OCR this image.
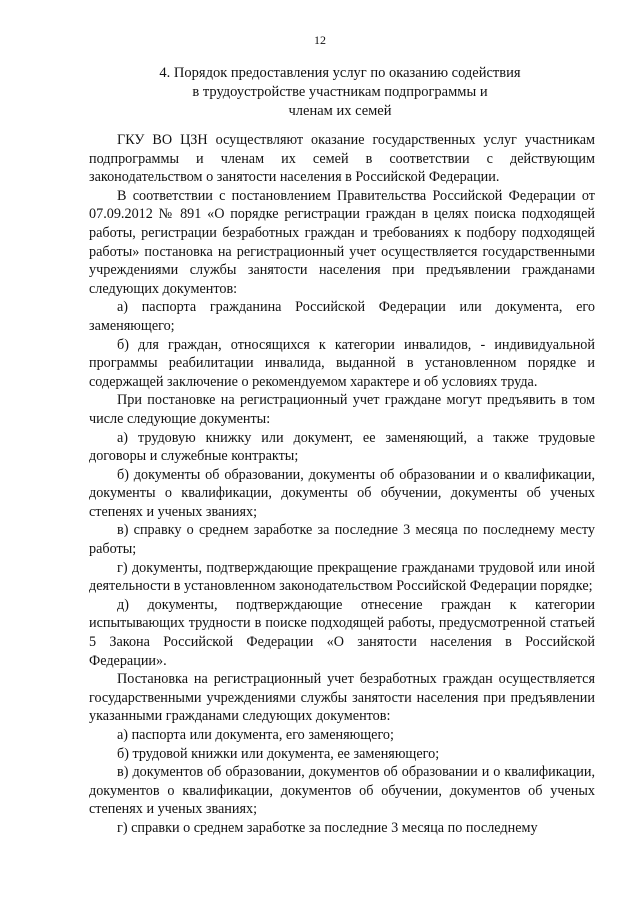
12
4. Порядок предоставления услуг по оказанию содействия
в трудоустройстве участникам подпрограммы и
членам их семей

ГКУ ВО ЦЗН осуществляют оказание государственных услуг участникам подпрограммы и членам их семей в соответствии с действующим законодательством о занятости населения в Российской Федерации.

В соответствии с постановлением Правительства Российской Федерации от 07.09.2012 № 891 «О порядке регистрации граждан в целях поиска подходящей работы, регистрации безработных граждан и требованиях к подбору подходящей работы» постановка на регистрационный учет осуществляется государственными учреждениями службы занятости населения при предъявлении гражданами следующих документов:

а) паспорта гражданина Российской Федерации или документа, его заменяющего;

б) для граждан, относящихся к категории инвалидов, - индивидуальной программы реабилитации инвалида, выданной в установленном порядке и содержащей заключение о рекомендуемом характере и об условиях труда.

При постановке на регистрационный учет граждане могут предъявить в том числе следующие документы:

а) трудовую книжку или документ, ее заменяющий, а также трудовые договоры и служебные контракты;

б) документы об образовании, документы об образовании и о квалификации, документы о квалификации, документы об обучении, документы об ученых степенях и ученых званиях;

в) справку о среднем заработке за последние 3 месяца по последнему месту работы;

г) документы, подтверждающие прекращение гражданами трудовой или иной деятельности в установленном законодательством Российской Федерации порядке;

д) документы, подтверждающие отнесение граждан к категории испытывающих трудности в поиске подходящей работы, предусмотренной статьей 5 Закона Российской Федерации «О занятости населения в Российской Федерации».

Постановка на регистрационный учет безработных граждан осуществляется государственными учреждениями службы занятости населения при предъявлении указанными гражданами следующих документов:

а) паспорта или документа, его заменяющего;

б) трудовой книжки или документа, ее заменяющего;

в) документов об образовании, документов об образовании и о квалификации, документов о квалификации, документов об обучении, документов об ученых степенях и ученых званиях;

г) справки о среднем заработке за последние 3 месяца по последнему
